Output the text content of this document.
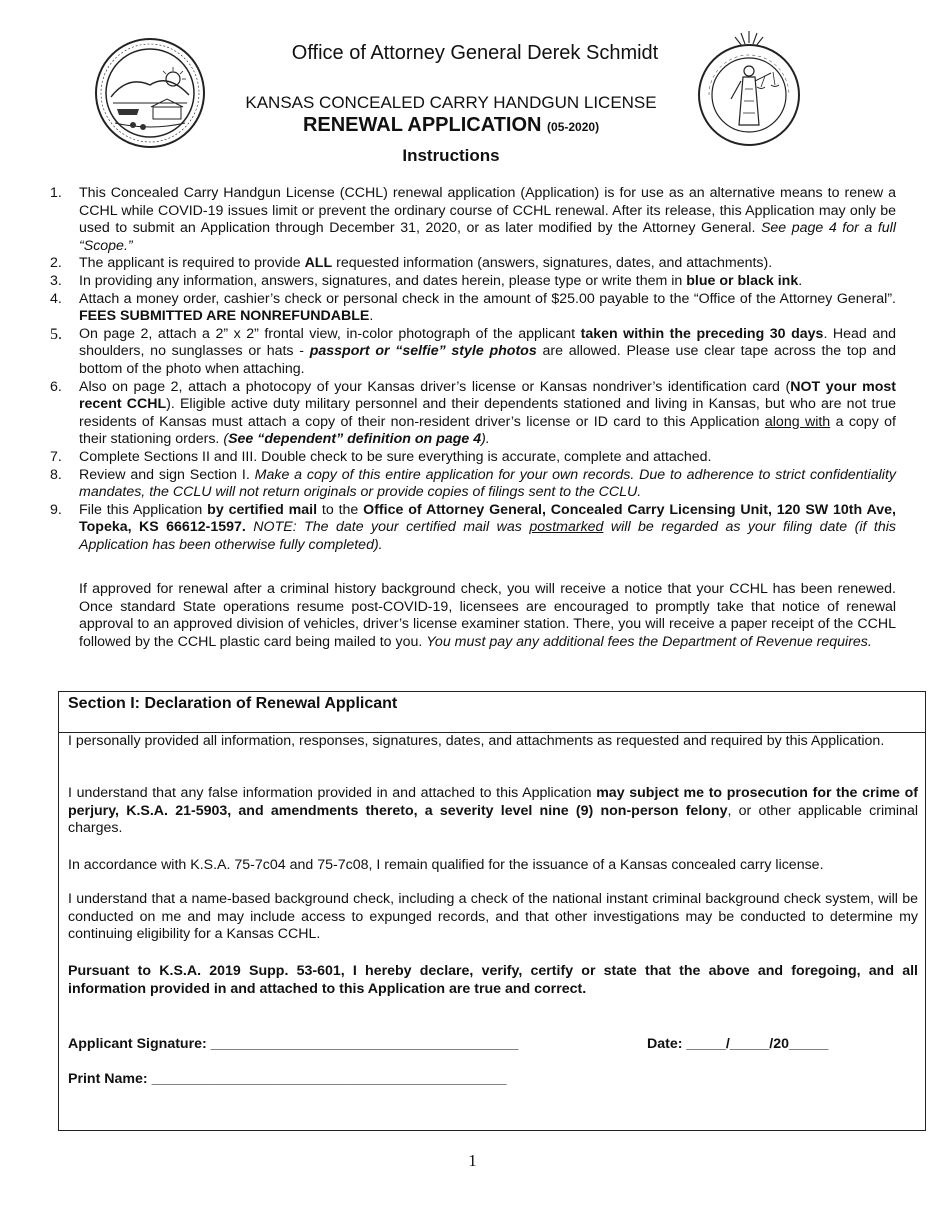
Office of Attorney General Derek Schmidt
KANSAS CONCEALED CARRY HANDGUN LICENSE
RENEWAL APPLICATION (05-2020)
Instructions
1. This Concealed Carry Handgun License (CCHL) renewal application (Application) is for use as an alternative means to renew a CCHL while COVID-19 issues limit or prevent the ordinary course of CCHL renewal. After its release, this Application may only be used to submit an Application through December 31, 2020, or as later modified by the Attorney General. See page 4 for a full “Scope.”
2. The applicant is required to provide ALL requested information (answers, signatures, dates, and attachments).
3. In providing any information, answers, signatures, and dates herein, please type or write them in blue or black ink.
4. Attach a money order, cashier’s check or personal check in the amount of $25.00 payable to the “Office of the Attorney General”. FEES SUBMITTED ARE NONREFUNDABLE.
5. On page 2, attach a 2” x 2” frontal view, in-color photograph of the applicant taken within the preceding 30 days. Head and shoulders, no sunglasses or hats - passport or “selfie” style photos are allowed. Please use clear tape across the top and bottom of the photo when attaching.
6. Also on page 2, attach a photocopy of your Kansas driver’s license or Kansas nondriver’s identification card (NOT your most recent CCHL). Eligible active duty military personnel and their dependents stationed and living in Kansas, but who are not true residents of Kansas must attach a copy of their non-resident driver’s license or ID card to this Application along with a copy of their stationing orders. (See “dependent” definition on page 4).
7. Complete Sections II and III. Double check to be sure everything is accurate, complete and attached.
8. Review and sign Section I. Make a copy of this entire application for your own records. Due to adherence to strict confidentiality mandates, the CCLU will not return originals or provide copies of filings sent to the CCLU.
9. File this Application by certified mail to the Office of Attorney General, Concealed Carry Licensing Unit, 120 SW 10th Ave, Topeka, KS 66612-1597. NOTE: The date your certified mail was postmarked will be regarded as your filing date (if this Application has been otherwise fully completed).
If approved for renewal after a criminal history background check, you will receive a notice that your CCHL has been renewed. Once standard State operations resume post-COVID-19, licensees are encouraged to promptly take that notice of renewal approval to an approved division of vehicles, driver’s license examiner station. There, you will receive a paper receipt of the CCHL followed by the CCHL plastic card being mailed to you. You must pay any additional fees the Department of Revenue requires.
Section I: Declaration of Renewal Applicant
I personally provided all information, responses, signatures, dates, and attachments as requested and required by this Application.
I understand that any false information provided in and attached to this Application may subject me to prosecution for the crime of perjury, K.S.A. 21-5903, and amendments thereto, a severity level nine (9) non-person felony, or other applicable criminal charges.
In accordance with K.S.A. 75-7c04 and 75-7c08, I remain qualified for the issuance of a Kansas concealed carry license.
I understand that a name-based background check, including a check of the national instant criminal background check system, will be conducted on me and may include access to expunged records, and that other investigations may be conducted to determine my continuing eligibility for a Kansas CCHL.
Pursuant to K.S.A. 2019 Supp. 53-601, I hereby declare, verify, certify or state that the above and foregoing, and all information provided in and attached to this Application are true and correct.
Applicant Signature: _______________________________________	Date: _____/_____/20_____
Print Name: _____________________________________________
1
